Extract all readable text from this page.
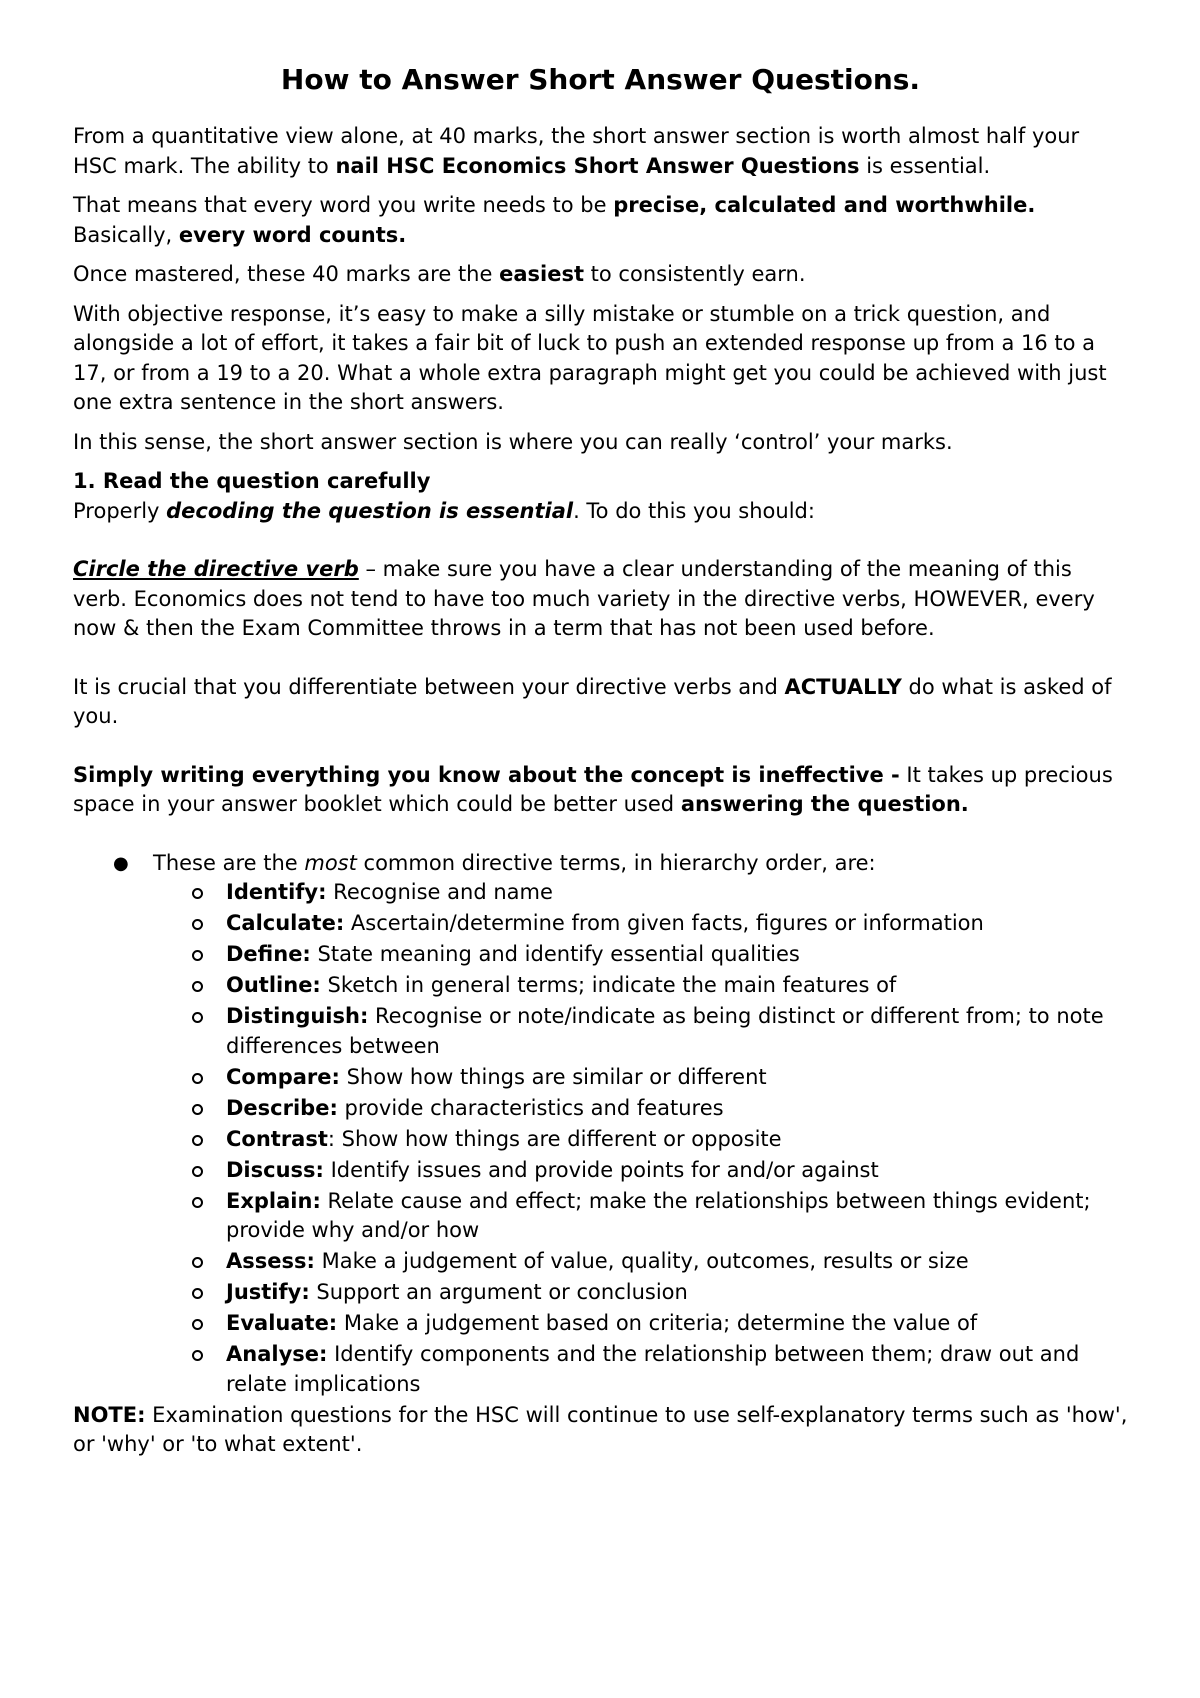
How to Answer Short Answer Questions.

From a quantitative view alone, at 40 marks, the short answer section is worth almost half your HSC mark. The ability to nail HSC Economics Short Answer Questions is essential.

That means that every word you write needs to be precise, calculated and worthwhile. Basically, every word counts.

Once mastered, these 40 marks are the easiest to consistently earn.

With objective response, it’s easy to make a silly mistake or stumble on a trick question, and alongside a lot of effort, it takes a fair bit of luck to push an extended response up from a 16 to a 17, or from a 19 to a 20. What a whole extra paragraph might get you could be achieved with just one extra sentence in the short answers.

In this sense, the short answer section is where you can really ‘control’ your marks.

1. Read the question carefully
Properly decoding the question is essential. To do this you should:
Circle the directive verb – make sure you have a clear understanding of the meaning of this verb. Economics does not tend to have too much variety in the directive verbs, HOWEVER, every now & then the Exam Committee throws in a term that has not been used before.
It is crucial that you differentiate between your directive verbs and ACTUALLY do what is asked of you.
Simply writing everything you know about the concept is ineffective - It takes up precious space in your answer booklet which could be better used answering the question.
● These are the most common directive terms, in hierarchy order, are:
Identify: Recognise and name
Calculate: Ascertain/determine from given facts, figures or information
Define: State meaning and identify essential qualities
Outline: Sketch in general terms; indicate the main features of
Distinguish: Recognise or note/indicate as being distinct or different from; to note differences between
Compare: Show how things are similar or different
Describe: provide characteristics and features
Contrast: Show how things are different or opposite
Discuss: Identify issues and provide points for and/or against
Explain: Relate cause and effect; make the relationships between things evident; provide why and/or how
Assess: Make a judgement of value, quality, outcomes, results or size
Justify: Support an argument or conclusion
Evaluate: Make a judgement based on criteria; determine the value of
Analyse: Identify components and the relationship between them; draw out and relate implications
NOTE: Examination questions for the HSC will continue to use self-explanatory terms such as 'how', or 'why' or 'to what extent'.
